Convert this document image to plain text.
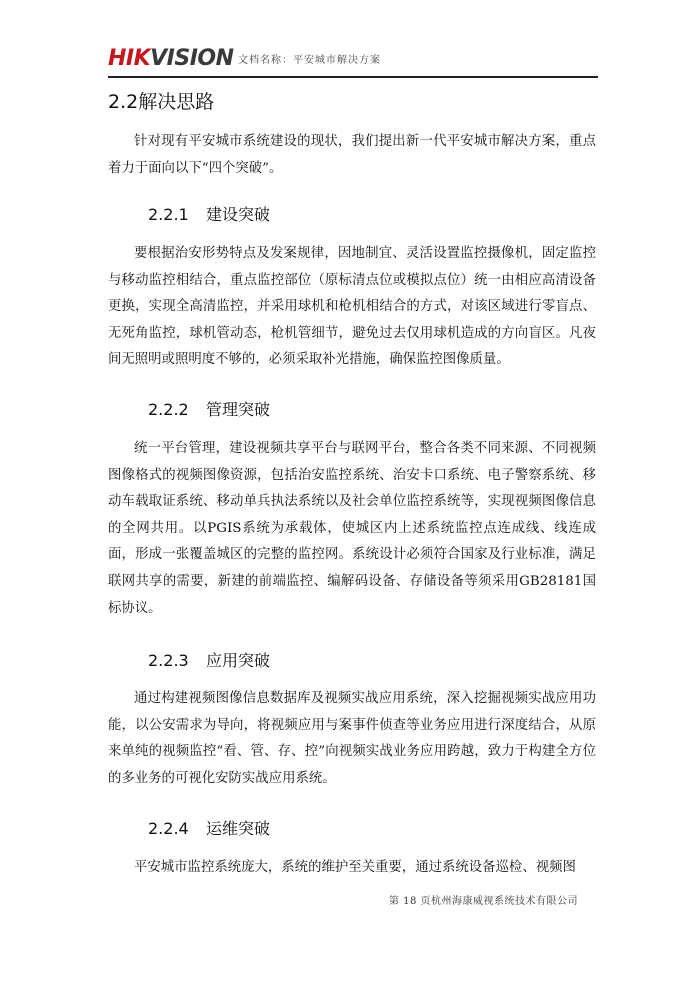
HIKVISION 文档名称：平安城市解决方案
2.2解决思路

针对现有平安城市系统建设的现状，我们提出新一代平安城市解决方案，重点着力于面向以下“四个突破”。

2.2.1 建设突破

要根据治安形势特点及发案规律，因地制宜、灵活设置监控摄像机，固定监控与移动监控相结合，重点监控部位（原标清点位或模拟点位）统一由相应高清设备更换，实现全高清监控，并采用球机和枪机相结合的方式，对该区域进行零盲点、无死角监控，球机管动态，枪机管细节，避免过去仅用球机造成的方向盲区。凡夜间无照明或照明度不够的，必须采取补光措施，确保监控图像质量。

2.2.2 管理突破

统一平台管理，建设视频共享平台与联网平台，整合各类不同来源、不同视频图像格式的视频图像资源，包括治安监控系统、治安卡口系统、电子警察系统、移动车载取证系统、移动单兵执法系统以及社会单位监控系统等，实现视频图像信息的全网共用。以PGIS系统为承载体，使城区内上述系统监控点连成线、线连成面，形成一张覆盖城区的完整的监控网。系统设计必须符合国家及行业标准，满足联网共享的需要，新建的前端监控、编解码设备、存储设备等须采用GB28181国标协议。

2.2.3 应用突破

通过构建视频图像信息数据库及视频实战应用系统，深入挖掘视频实战应用功能，以公安需求为导向，将视频应用与案事件侦查等业务应用进行深度结合，从原来单纯的视频监控“看、管、存、控”向视频实战业务应用跨越，致力于构建全方位的多业务的可视化安防实战应用系统。

2.2.4 运维突破

平安城市监控系统庞大，系统的维护至关重要，通过系统设备巡检、视频图

第 18 页杭州海康威视系统技术有限公司
